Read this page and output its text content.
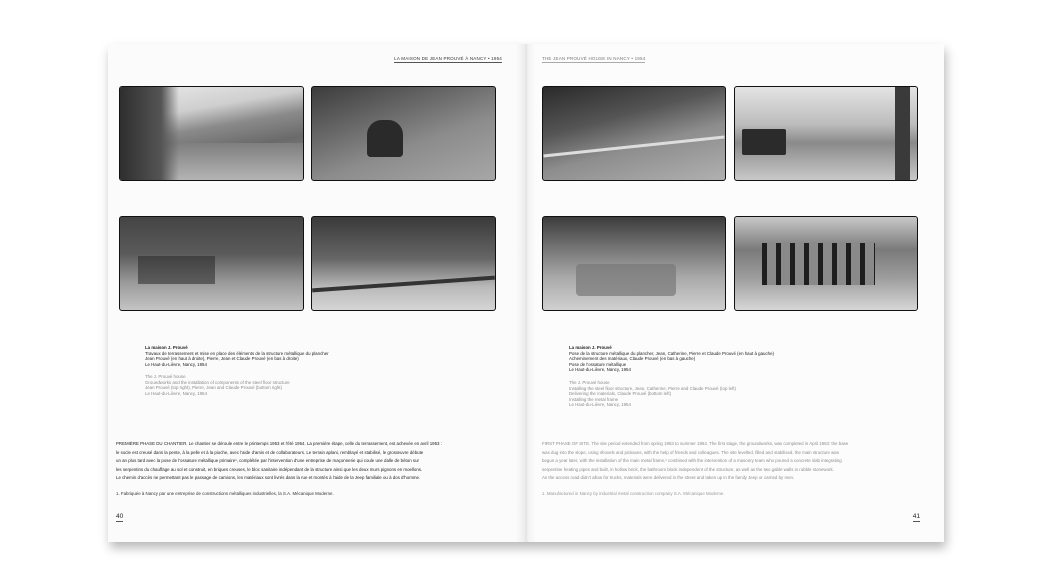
LA MAISON DE JEAN PROUVÉ À NANCY • 1954
La maison J. Prouvé
Travaux de terrassement et mise en place des éléments de la structure métallique du plancher
Jean Prouvé (en haut à droite), Pierre, Jean et Claude Prouvé (en bas à droite)
Le Haut-du-Lièvre, Nancy, 1954
The J. Prouvé house
Groundworks and the installation of components of the steel floor structure
Jean Prouvé (top right), Pierre, Jean and Claude Prouvé (bottom right)
Le Haut-du-Lièvre, Nancy, 1954
PREMIÈRE PHASE DU CHANTIER. Le chantier se déroule entre le printemps 1953 et l'été 1954. La première étape, celle du terrassement, est achevée en avril 1953 :
le socle est creusé dans la pente, à la pelle et à la pioche, avec l'aide d'amis et de collaborateurs. Le terrain aplani, remblayé et stabilisé, le grosœuvre débute
un an plus tard avec la pose de l'ossature métallique primaire¹, complétée par l'intervention d'une entreprise de maçonnerie qui coule une dalle de béton sur
les serpentins du chauffage au sol et construit, en briques creuses, le bloc sanitaire indépendant de la structure ainsi que les deux murs pignons en moellons.
Le chemin d'accès ne permettant pas le passage de camions, les matériaux sont livrés dans la rue et montés à l'aide de la Jeep familiale ou à dos d'homme.
1. Fabriquée à Nancy par une entreprise de constructions métalliques industrielles, la S.A. Mécanique Moderne.
40
THE JEAN PROUVÉ HOUSE IN NANCY • 1954
La maison J. Prouvé
Pose de la structure métallique du plancher, Jean, Catherine, Pierre et Claude Prouvé (en haut à gauche)
Acheminement des matériaux, Claude Prouvé (en bas à gauche)
Pose de l'ossature métallique
Le Haut-du-Lièvre, Nancy, 1954
The J. Prouvé house
Installing the steel floor structure, Jean, Catherine, Pierre and Claude Prouvé (top left)
Delivering the materials, Claude Prouvé (bottom left)
Installing the metal frame
Le Haut-du-Lièvre, Nancy, 1954
FIRST PHASE OF SITE. The site period extended from spring 1953 to summer 1954. The first stage, the groundworks, was completed in April 1953: the base
was dug into the slope, using shovels and pickaxes, with the help of friends and colleagues. The site levelled, filled and stabilised, the main structure was
begun a year later, with the installation of the main metal frame,¹ combined with the intervention of a masonry team who poured a concrete slab integrating
serpentine heating pipes and built, in hollow brick, the bathroom block independent of the structure, as well as the two gable walls in rubble stonework.
As the access road didn't allow for trucks, materials were delivered in the street and taken up in the family Jeep or carried by men.
1. Manufactured in Nancy by industrial metal construction company S.A. Mécanique Moderne.
41
